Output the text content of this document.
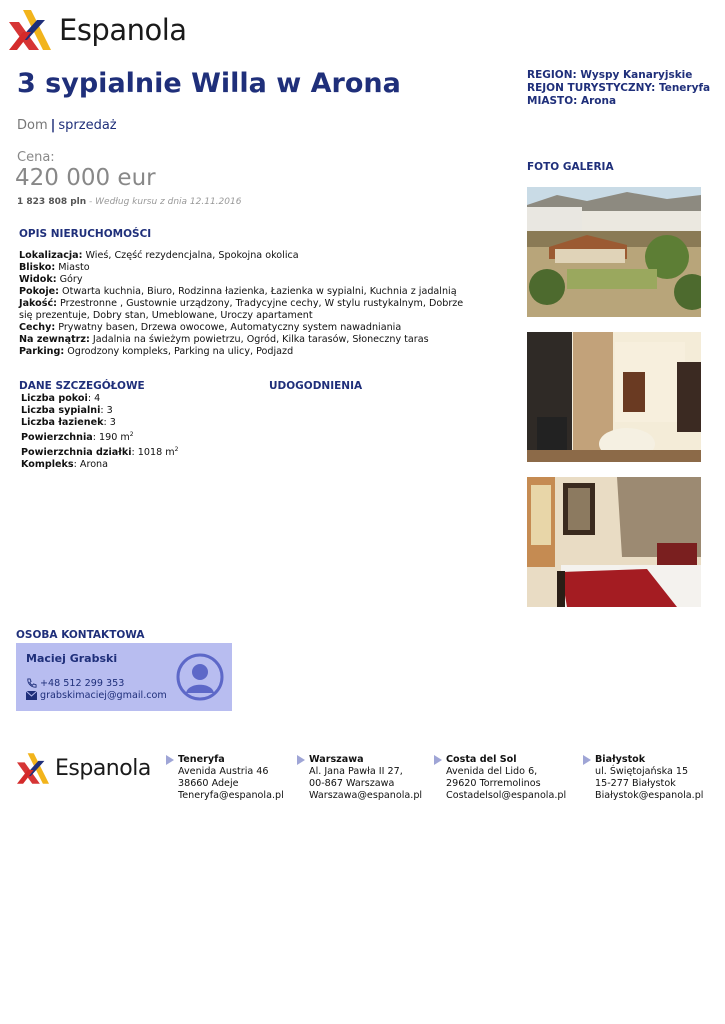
Espanola
3 sypialnie Willa w Arona
Dom | sprzedaż
Cena:
420 000 eur
1 823 808 pln - Według kursu z dnia 12.11.2016

REGION: Wyspy Kanaryjskie

REJON TURYSTYCZNY: Teneryfa

MIASTO: Arona

FOTO GALERIA
OPIS NIERUCHOMOŚCI

Lokalizacja: Wieś, Część rezydencjalna, Spokojna okolica

Blisko: Miasto

Widok: Góry

Pokoje: Otwarta kuchnia, Biuro, Rodzinna łazienka, Łazienka w sypialni, Kuchnia z jadalnią

Jakość: Przestronne , Gustownie urządzony, Tradycyjne cechy, W stylu rustykalnym, Dobrze się prezentuje, Dobry stan, Umeblowane, Uroczy apartament

Cechy: Prywatny basen, Drzewa owocowe, Automatyczny system nawadniania

Na zewnątrz: Jadalnia na świeżym powietrzu, Ogród, Kilka tarasów, Słoneczny taras

Parking: Ogrodzony kompleks, Parking na ulicy, Podjazd

DANE SZCZEGÓŁOWE	UDOGODNIENIA

Liczba pokoi: 4

Liczba sypialni: 3

Liczba łazienek: 3

Powierzchnia: 190 $m^2$

Powierzchnia działki: 1018 $m^2$

Kompleks: Arona

OSOBA KONTAKTOWA
Maciej Grabski
+48 512 299 353
grabskimaciej@gmail.com
Espanola	Teneryfa
Avenida Austria 46
38660 Adeje
Teneryfa@espanola.pl
Warszawa
Al. Jana Pawła II 27,
00-867 Warszawa
Warszawa@espanola.pl
Costa del Sol
Avenida del Lido 6,
29620 Torremolinos
Costadelsol@espanola.pl
Białystok
ul. Świętojańska 15
15-277 Białystok
Białystok@espanola.pl
